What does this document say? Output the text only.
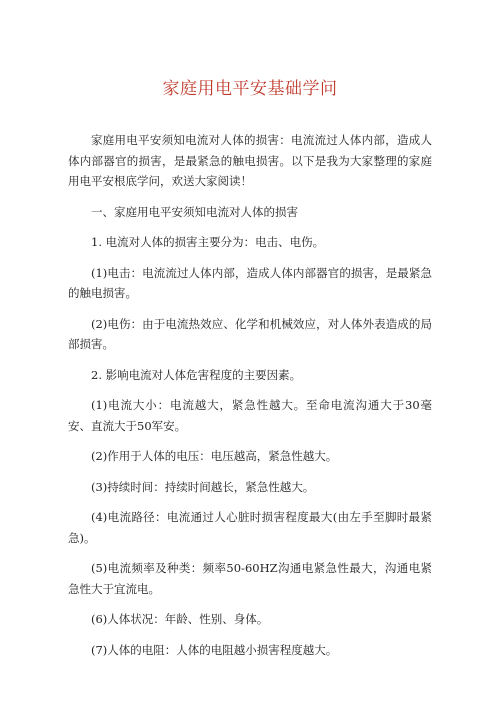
家庭用电平安基础学问

家庭用电平安须知电流对人体的损害：电流流过人体内部，造成人体内部器官的损害，是最紧急的触电损害。以下是我为大家整理的家庭用电平安根底学问，欢送大家阅读！

一、家庭用电平安须知电流对人体的损害

1. 电流对人体的损害主要分为：电击、电伤。

(1)电击：电流流过人体内部，造成人体内部器官的损害，是最紧急的触电损害。

(2)电伤：由于电流热效应、化学和机械效应，对人体外表造成的局部损害。

2. 影响电流对人体危害程度的主要因素。

(1)电流大小：电流越大，紧急性越大。至命电流沟通大于30毫安、直流大于50军安。

(2)作用于人体的电压：电压越高，紧急性越大。

(3)持续时间：持续时间越长，紧急性越大。

(4)电流路径：电流通过人心脏时损害程度最大(由左手至脚时最紧急)。

(5)电流频率及种类：频率50-60HZ沟通电紧急性最大，沟通电紧急性大于宜流电。

(6)人体状况：年龄、性别、身体。

(7)人体的电阻：人体的电阻越小损害程度越大。
